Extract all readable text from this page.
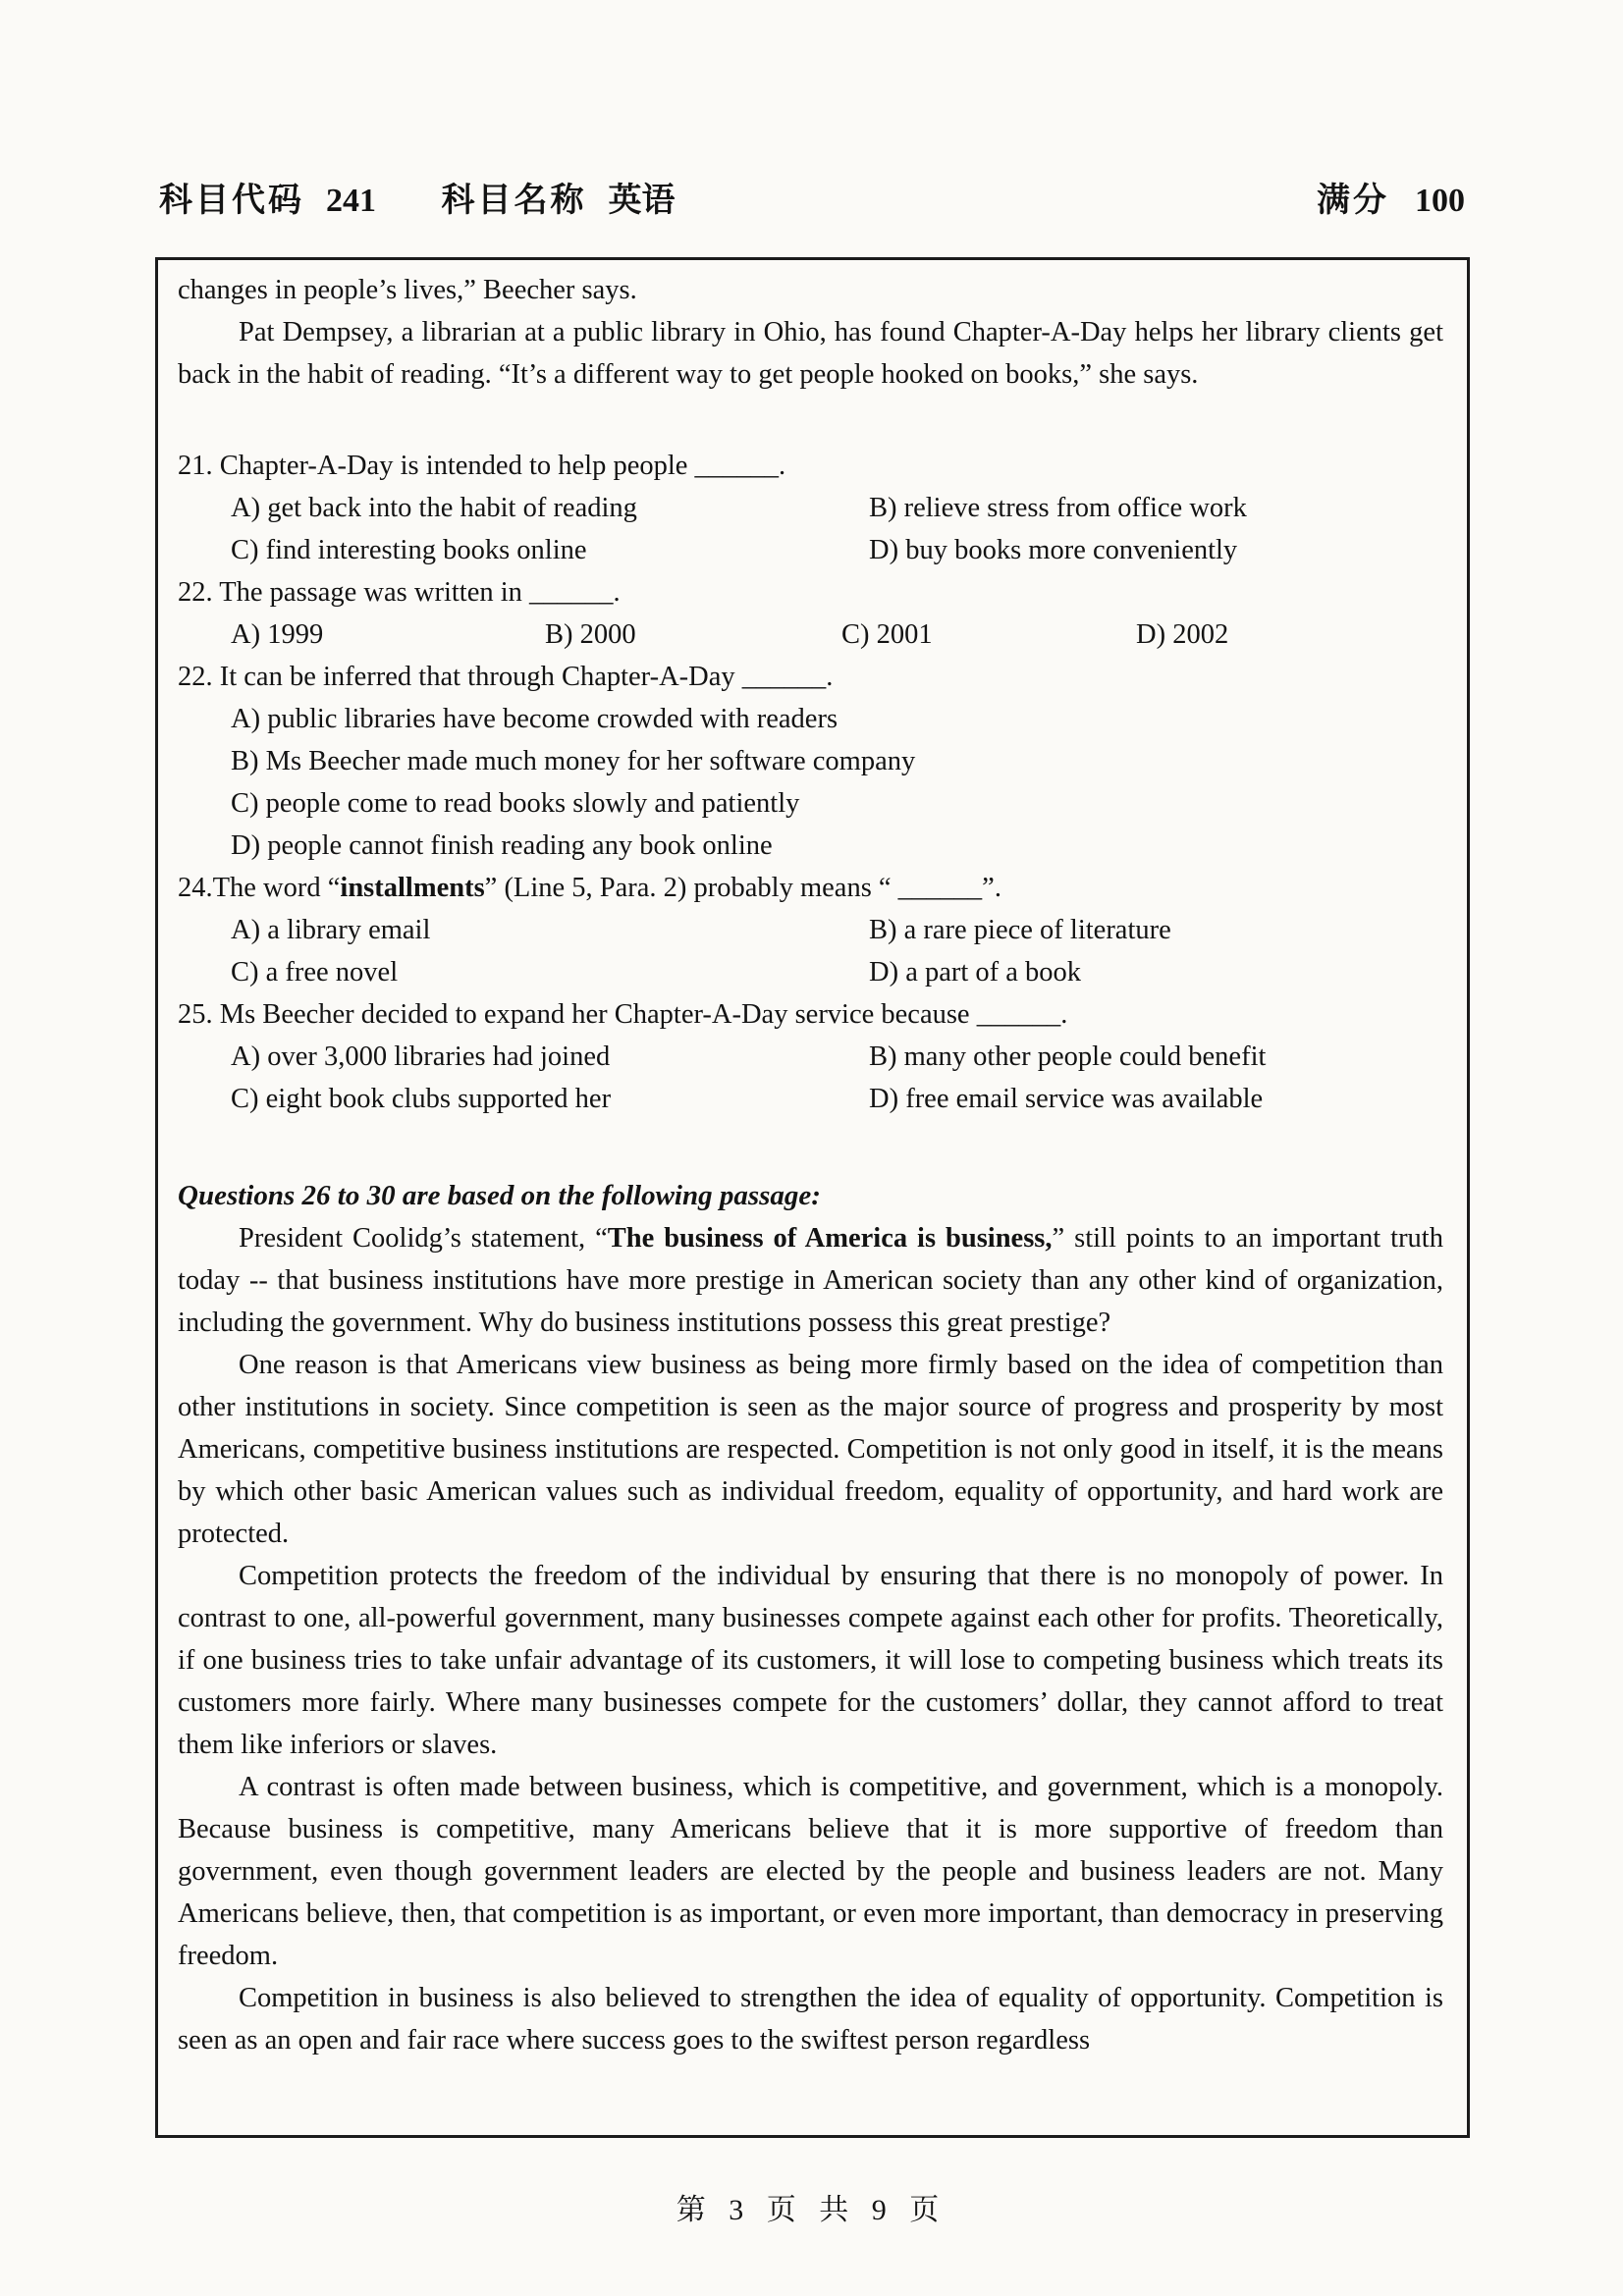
科目代码 241 科目名称 英语	满分 100

changes in people’s lives,” Beecher says.

Pat Dempsey, a librarian at a public library in Ohio, has found Chapter-A-Day helps her library clients get back in the habit of reading. “It’s a different way to get people hooked on books,” she says.

21. Chapter-A-Day is intended to help people ______.

A) get back into the habit of reading	B) relieve stress from office work
C) find interesting books online	D) buy books more conveniently

22. The passage was written in ______.

A) 1999	B) 2000	C) 2001	D) 2002

22. It can be inferred that through Chapter-A-Day ______.

A) public libraries have become crowded with readers

B) Ms Beecher made much money for her software company

C) people come to read books slowly and patiently

D) people cannot finish reading any book online

24.The word “installments” (Line 5, Para. 2) probably means “ ______”.

A) a library email	B) a rare piece of literature
C) a free novel	D) a part of a book

25. Ms Beecher decided to expand her Chapter-A-Day service because ______.

A) over 3,000 libraries had joined	B) many other people could benefit
C) eight book clubs supported her	D) free email service was available

Questions 26 to 30 are based on the following passage:

President Coolidg’s statement, “The business of America is business,” still points to an important truth today -- that business institutions have more prestige in American society than any other kind of organization, including the government. Why do business institutions possess this great prestige?

One reason is that Americans view business as being more firmly based on the idea of competition than other institutions in society. Since competition is seen as the major source of progress and prosperity by most Americans, competitive business institutions are respected. Competition is not only good in itself, it is the means by which other basic American values such as individual freedom, equality of opportunity, and hard work are protected.

Competition protects the freedom of the individual by ensuring that there is no monopoly of power. In contrast to one, all-powerful government, many businesses compete against each other for profits. Theoretically, if one business tries to take unfair advantage of its customers, it will lose to competing business which treats its customers more fairly. Where many businesses compete for the customers’ dollar, they cannot afford to treat them like inferiors or slaves.

A contrast is often made between business, which is competitive, and government, which is a monopoly. Because business is competitive, many Americans believe that it is more supportive of freedom than government, even though government leaders are elected by the people and business leaders are not. Many Americans believe, then, that competition is as important, or even more important, than democracy in preserving freedom.

Competition in business is also believed to strengthen the idea of equality of opportunity. Competition is seen as an open and fair race where success goes to the swiftest person regardless

第 3 页 共 9 页
